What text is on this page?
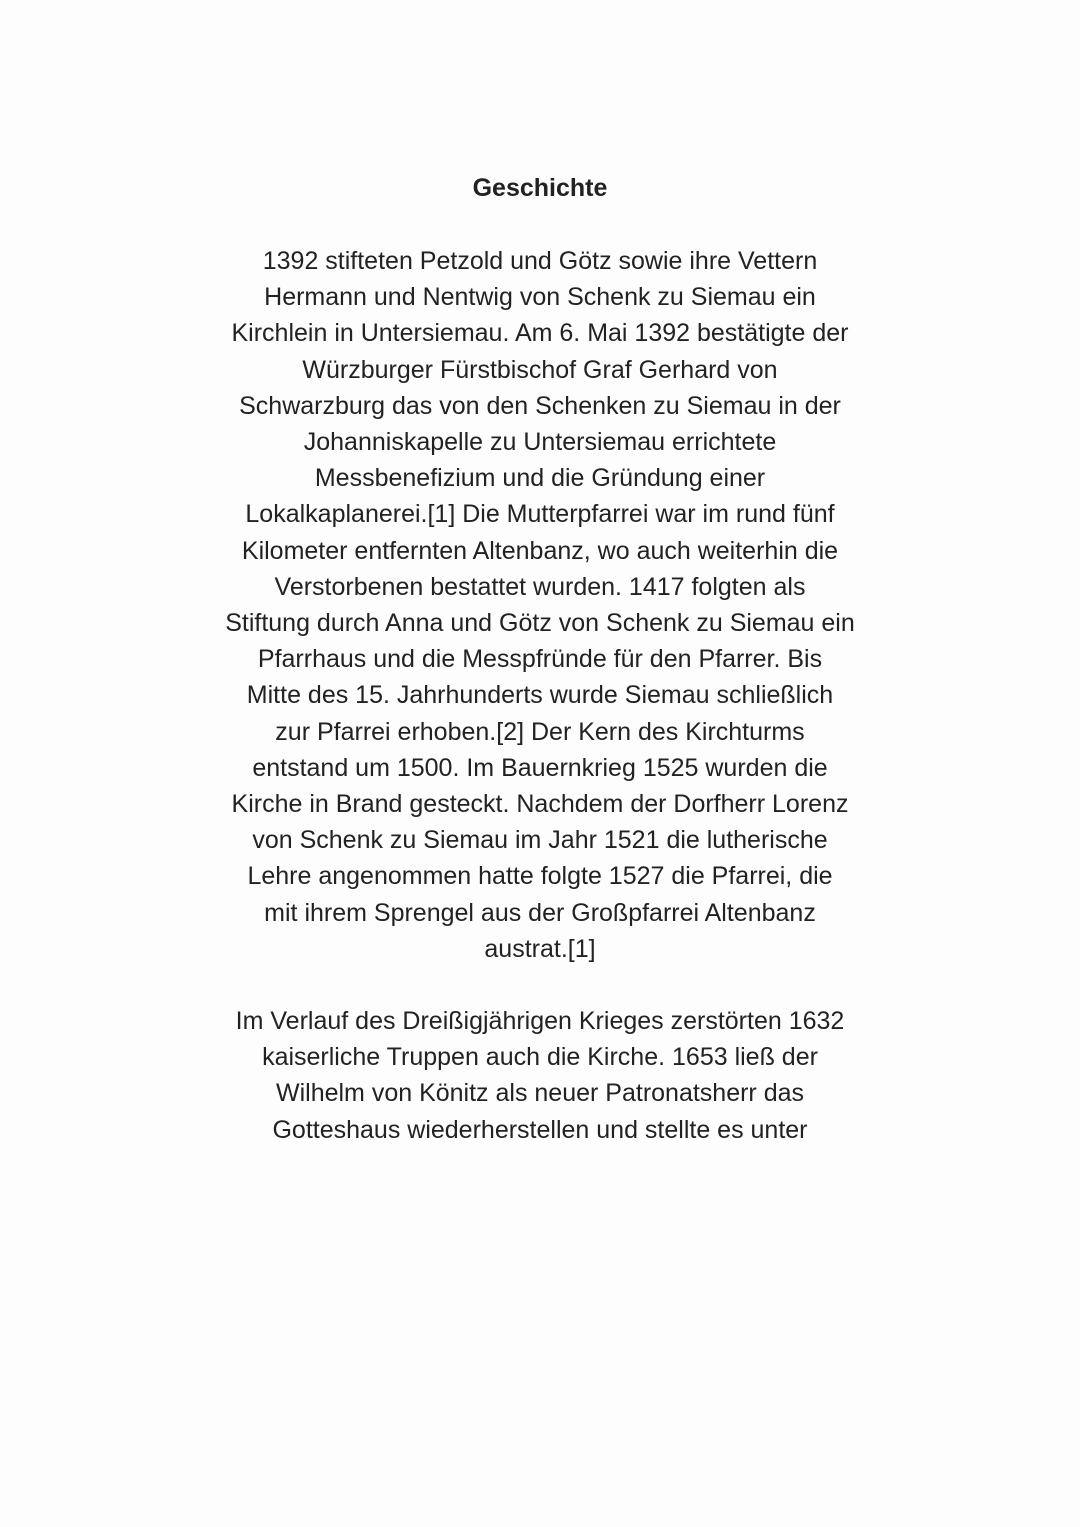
Geschichte
1392 stifteten Petzold und Götz sowie ihre Vettern
Hermann und Nentwig von Schenk zu Siemau ein
Kirchlein in Untersiemau. Am 6. Mai 1392 bestätigte der
Würzburger Fürstbischof Graf Gerhard von
Schwarzburg das von den Schenken zu Siemau in der
Johanniskapelle zu Untersiemau errichtete
Messbenefizium und die Gründung einer
Lokalkaplanerei.[1] Die Mutterpfarrei war im rund fünf
Kilometer entfernten Altenbanz, wo auch weiterhin die
Verstorbenen bestattet wurden. 1417 folgten als
Stiftung durch Anna und Götz von Schenk zu Siemau ein
Pfarrhaus und die Messpfründe für den Pfarrer. Bis
Mitte des 15. Jahrhunderts wurde Siemau schließlich
zur Pfarrei erhoben.[2] Der Kern des Kirchturms
entstand um 1500. Im Bauernkrieg 1525 wurden die
Kirche in Brand gesteckt. Nachdem der Dorfherr Lorenz
von Schenk zu Siemau im Jahr 1521 die lutherische
Lehre angenommen hatte folgte 1527 die Pfarrei, die
mit ihrem Sprengel aus der Großpfarrei Altenbanz
austrat.[1]
Im Verlauf des Dreißigjährigen Krieges zerstörten 1632
kaiserliche Truppen auch die Kirche. 1653 ließ der
Wilhelm von Könitz als neuer Patronatsherr das
Gotteshaus wiederherstellen und stellte es unter
